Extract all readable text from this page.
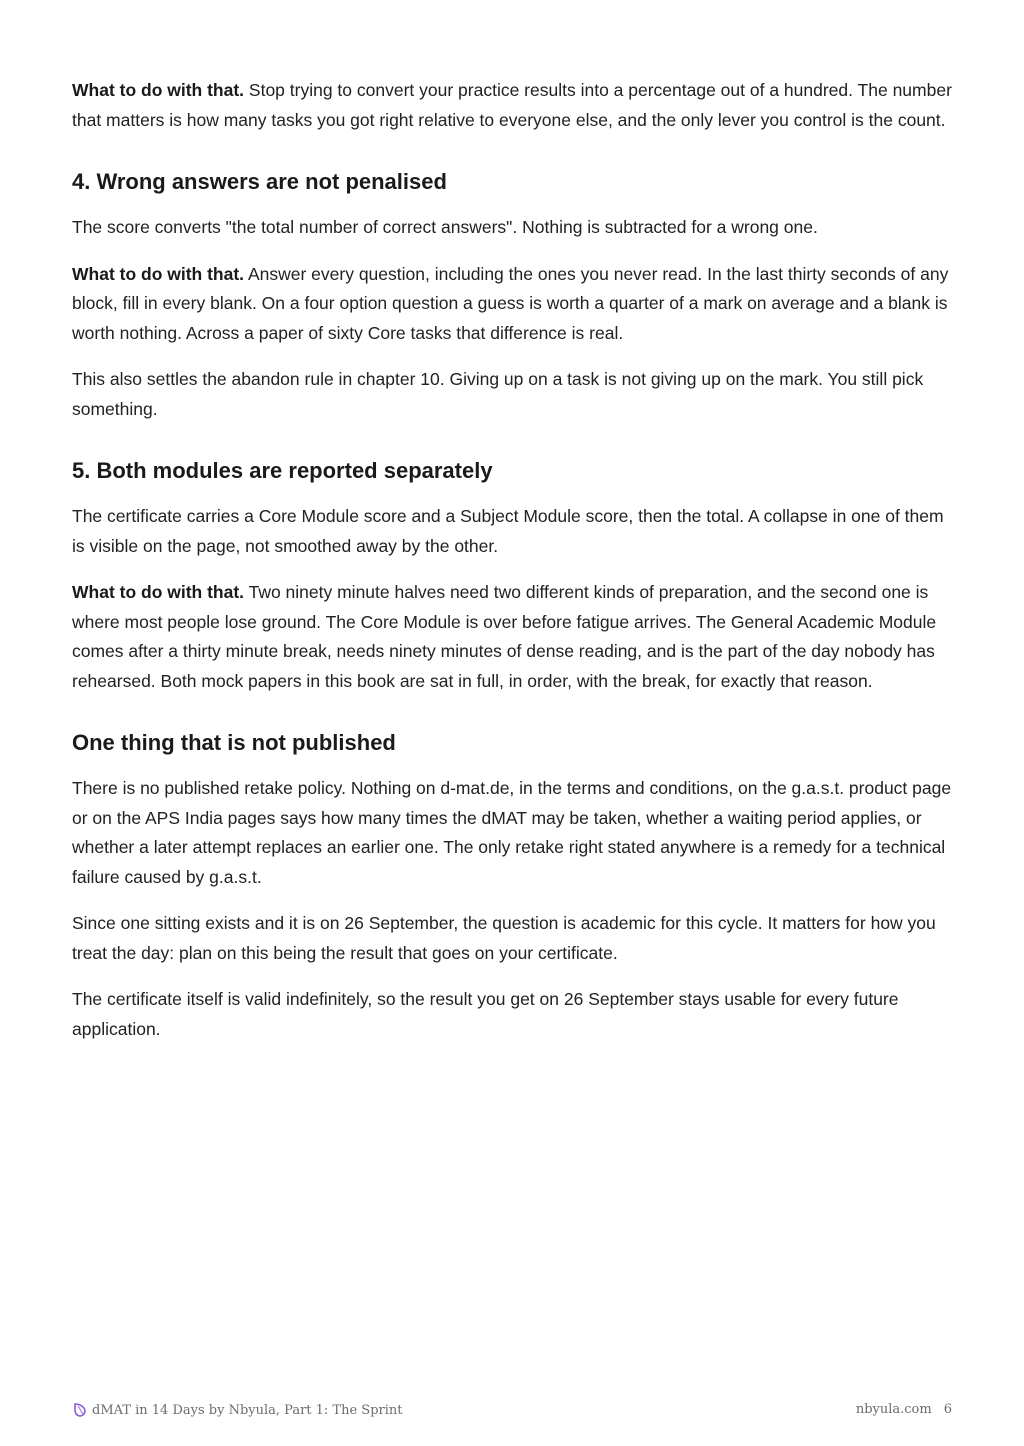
What to do with that. Stop trying to convert your practice results into a percentage out of a hundred. The number that matters is how many tasks you got right relative to everyone else, and the only lever you control is the count.

4. Wrong answers are not penalised

The score converts "the total number of correct answers". Nothing is subtracted for a wrong one.

What to do with that. Answer every question, including the ones you never read. In the last thirty seconds of any block, fill in every blank. On a four option question a guess is worth a quarter of a mark on average and a blank is worth nothing. Across a paper of sixty Core tasks that difference is real.

This also settles the abandon rule in chapter 10. Giving up on a task is not giving up on the mark. You still pick something.

5. Both modules are reported separately

The certificate carries a Core Module score and a Subject Module score, then the total. A collapse in one of them is visible on the page, not smoothed away by the other.

What to do with that. Two ninety minute halves need two different kinds of preparation, and the second one is where most people lose ground. The Core Module is over before fatigue arrives. The General Academic Module comes after a thirty minute break, needs ninety minutes of dense reading, and is the part of the day nobody has rehearsed. Both mock papers in this book are sat in full, in order, with the break, for exactly that reason.

One thing that is not published

There is no published retake policy. Nothing on d-mat.de, in the terms and conditions, on the g.a.s.t. product page or on the APS India pages says how many times the dMAT may be taken, whether a waiting period applies, or whether a later attempt replaces an earlier one. The only retake right stated anywhere is a remedy for a technical failure caused by g.a.s.t.

Since one sitting exists and it is on 26 September, the question is academic for this cycle. It matters for how you treat the day: plan on this being the result that goes on your certificate.

The certificate itself is valid indefinitely, so the result you get on 26 September stays usable for every future application.

dMAT in 14 Days by Nbyula, Part 1: The Sprint	nbyula.com 6
